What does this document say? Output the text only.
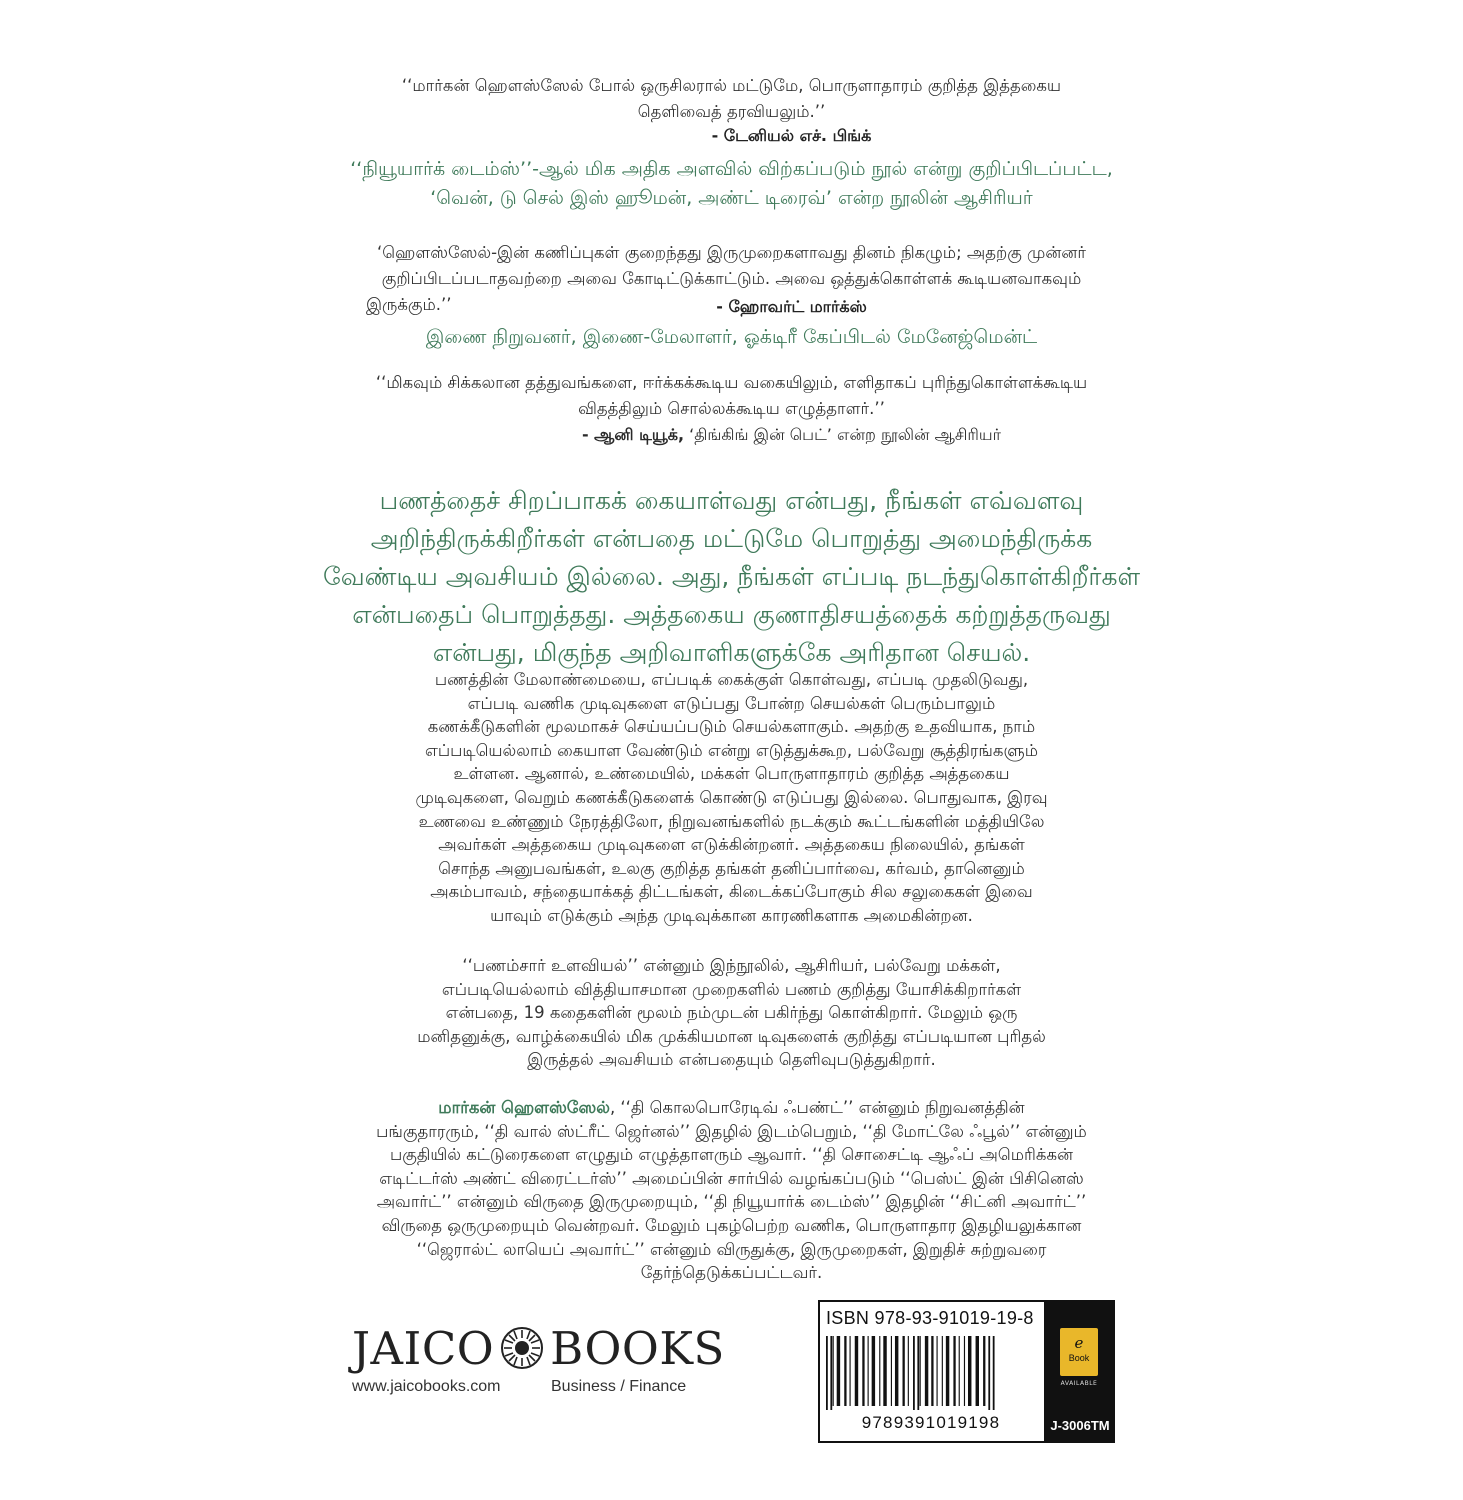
‘‘மார்கன் ஹௌஸ்ஸேல் போல் ஒருசிலரால் மட்டுமே, பொருளாதாரம் குறித்த இத்தகைய
தெளிவைத் தரவியலும்.’’
- டேனியல் எச். பிங்க்
‘‘நியூயார்க் டைம்ஸ்’’-ஆல் மிக அதிக அளவில் விற்கப்படும் நூல் என்று குறிப்பிடப்பட்ட,
‘வென், டு செல் இஸ் ஹூமன், அண்ட் டிரைவ்’ என்ற நூலின் ஆசிரியர்
‘ஹௌஸ்ஸேல்-இன் கணிப்புகள் குறைந்தது இருமுறைகளாவது தினம் நிகழும்; அதற்கு முன்னர்
குறிப்பிடப்படாதவற்றை அவை கோடிட்டுக்காட்டும். அவை ஒத்துக்கொள்ளக் கூடியனவாகவும்
இருக்கும்.’’	- ஹோவர்ட் மார்க்ஸ்
இணை நிறுவனர், இணை-மேலாளர், ஓக்டிரீ கேப்பிடல் மேனேஜ்மென்ட்
‘‘மிகவும் சிக்கலான தத்துவங்களை, ஈர்க்கக்கூடிய வகையிலும், எளிதாகப் புரிந்துகொள்ளக்கூடிய
விதத்திலும் சொல்லக்கூடிய எழுத்தாளர்.’’
- ஆனி டியூக், ‘திங்கிங் இன் பெட்’ என்ற நூலின் ஆசிரியர்
பணத்தைச் சிறப்பாகக் கையாள்வது என்பது, நீங்கள் எவ்வளவு
அறிந்திருக்கிறீர்கள் என்பதை மட்டுமே பொறுத்து அமைந்திருக்க
வேண்டிய அவசியம் இல்லை. அது, நீங்கள் எப்படி நடந்துகொள்கிறீர்கள்
என்பதைப் பொறுத்தது. அத்தகைய குணாதிசயத்தைக் கற்றுத்தருவது
என்பது, மிகுந்த அறிவாளிகளுக்கே அரிதான செயல்.
பணத்தின் மேலாண்மையை, எப்படிக் கைக்குள் கொள்வது, எப்படி முதலிடுவது,
எப்படி வணிக முடிவுகளை எடுப்பது போன்ற செயல்கள் பெரும்பாலும்
கணக்கீடுகளின் மூலமாகச் செய்யப்படும் செயல்களாகும். அதற்கு உதவியாக, நாம்
எப்படியெல்லாம் கையாள வேண்டும் என்று எடுத்துக்கூற, பல்வேறு சூத்திரங்களும்
உள்ளன. ஆனால், உண்மையில், மக்கள் பொருளாதாரம் குறித்த அத்தகைய
முடிவுகளை, வெறும் கணக்கீடுகளைக் கொண்டு எடுப்பது இல்லை. பொதுவாக, இரவு
உணவை உண்ணும் நேரத்திலோ, நிறுவனங்களில் நடக்கும் கூட்டங்களின் மத்தியிலே
அவர்கள் அத்தகைய முடிவுகளை எடுக்கின்றனர். அத்தகைய நிலையில், தங்கள்
சொந்த அனுபவங்கள், உலகு குறித்த தங்கள் தனிப்பார்வை, கர்வம், தானெனும்
அகம்பாவம், சந்தையாக்கத் திட்டங்கள், கிடைக்கப்போகும் சில சலுகைகள் இவை
யாவும் எடுக்கும் அந்த முடிவுக்கான காரணிகளாக அமைகின்றன.
‘‘பணம்சார் உளவியல்’’ என்னும் இந்நூலில், ஆசிரியர், பல்வேறு மக்கள்,
எப்படியெல்லாம் வித்தியாசமான முறைகளில் பணம் குறித்து யோசிக்கிறார்கள்
என்பதை, 19 கதைகளின் மூலம் நம்முடன் பகிர்ந்து கொள்கிறார். மேலும் ஒரு
மனிதனுக்கு, வாழ்க்கையில் மிக முக்கியமான டிவுகளைக் குறித்து எப்படியான புரிதல்
இருத்தல் அவசியம் என்பதையும் தெளிவுபடுத்துகிறார்.
மார்கன் ஹௌஸ்ஸேல், ‘‘தி கொலபொரேடிவ் ஃபண்ட்’’ என்னும் நிறுவனத்தின்
பங்குதாரரும், ‘‘தி வால் ஸ்ட்ரீட் ஜெர்னல்’’ இதழில் இடம்பெறும், ‘‘தி மோட்லே ஃபூல்’’ என்னும்
பகுதியில் கட்டுரைகளை எழுதும் எழுத்தாளரும் ஆவார். ‘‘தி சொசைட்டி ஆஃப் அமெரிக்கன்
எடிட்டர்ஸ் அண்ட் விரைட்டர்ஸ்’’ அமைப்பின் சார்பில் வழங்கப்படும் ‘‘பெஸ்ட் இன் பிசினெஸ்
அவார்ட்’’ என்னும் விருதை இருமுறையும், ‘‘தி நியூயார்க் டைம்ஸ்’’ இதழின் ‘‘சிட்னி அவார்ட்’’
விருதை ஒருமுறையும் வென்றவர். மேலும் புகழ்பெற்ற வணிக, பொருளாதார இதழியலுக்கான
‘‘ஜெரால்ட் லாயெப் அவார்ட்’’ என்னும் விருதுக்கு, இருமுறைகள், இறுதிச் சுற்றுவரை
தேர்ந்தெடுக்கப்பட்டவர்.
JAICO BOOKS
www.jaicobooks.com	Business / Finance
ISBN 978-93-91019-19-8
9789391019198
e
Book
AVAILABLE
J-3006TM
